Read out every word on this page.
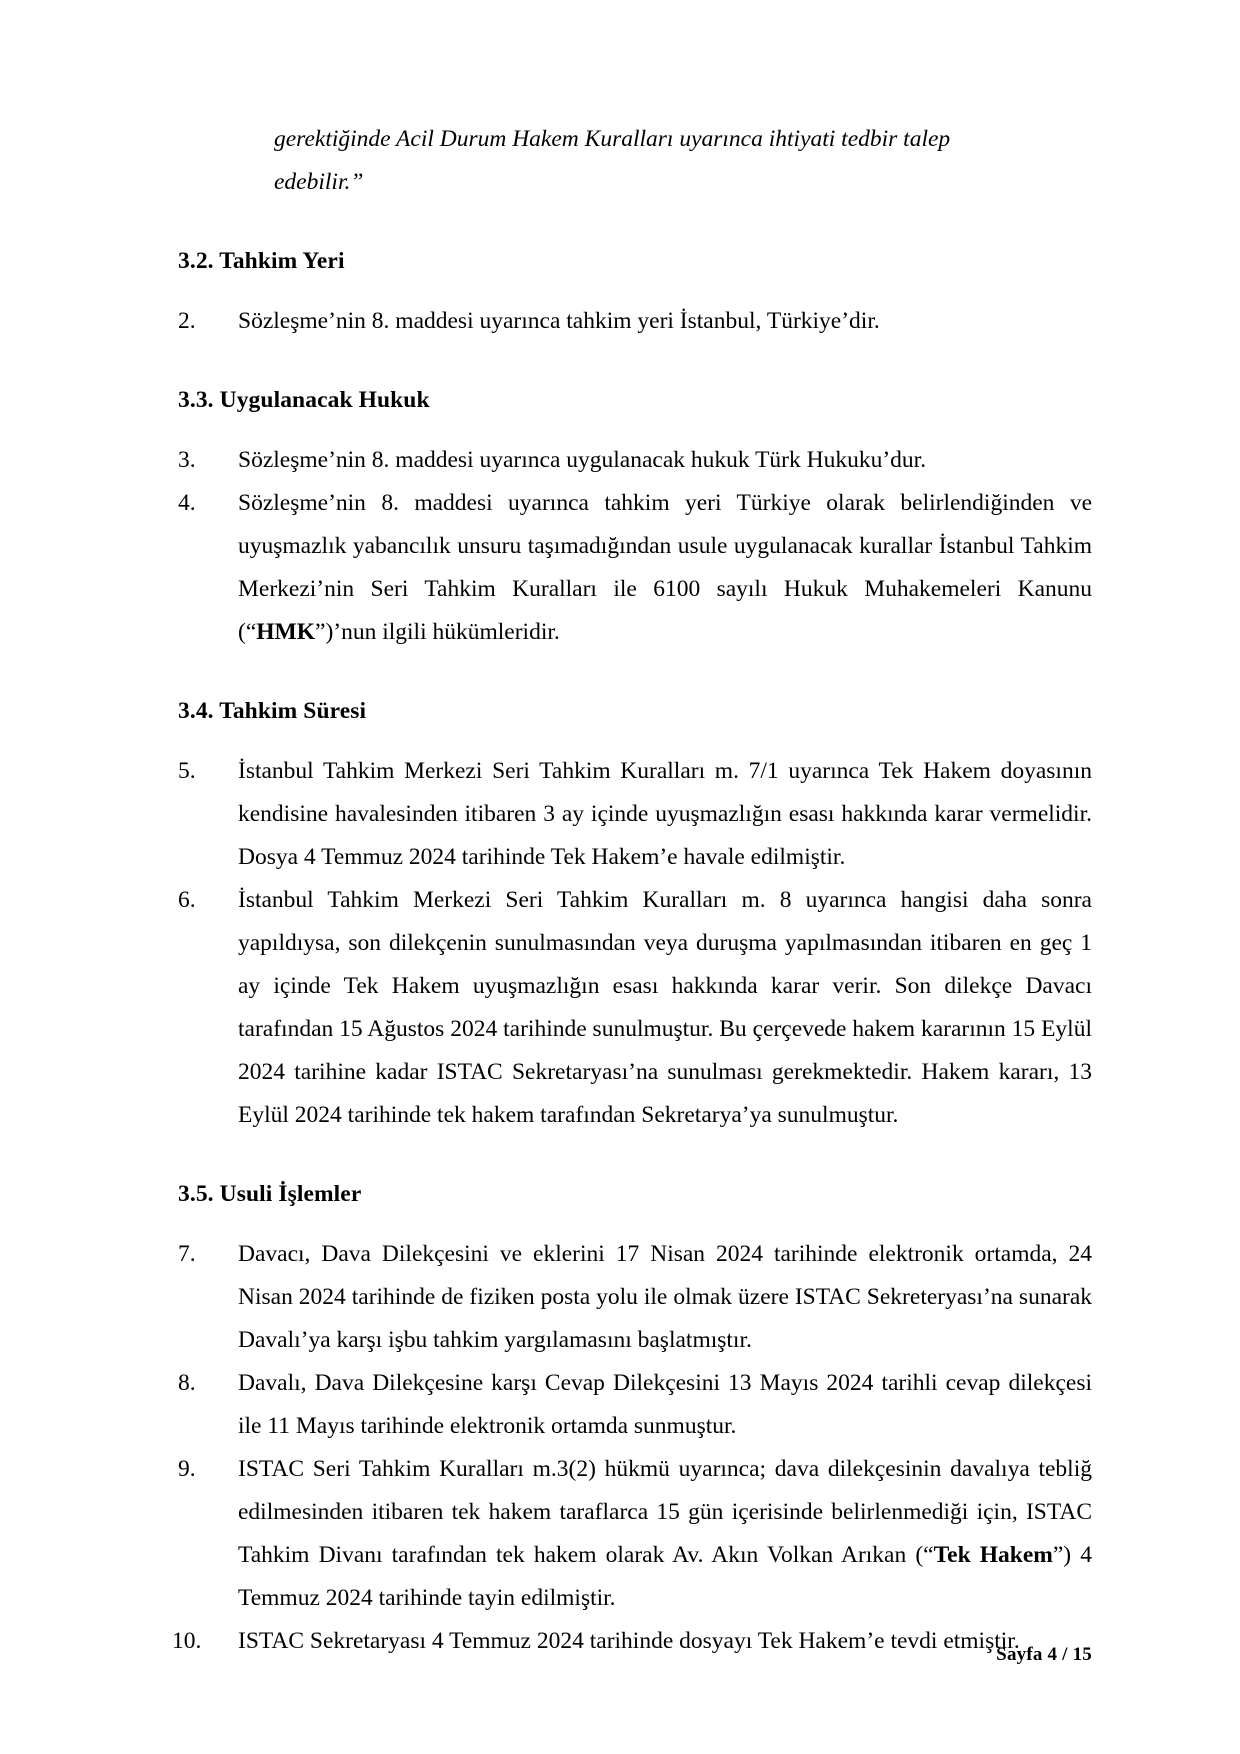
gerektiğinde Acil Durum Hakem Kuralları uyarınca ihtiyati tedbir talep
edebilir.”

3.2. Tahkim Yeri
2.	Sözleşme’nin 8. maddesi uyarınca tahkim yeri İstanbul, Türkiye’dir.
3.3. Uygulanacak Hukuk
3.	Sözleşme’nin 8. maddesi uyarınca uygulanacak hukuk Türk Hukuku’dur.
4.	Sözleşme’nin 8. maddesi uyarınca tahkim yeri Türkiye olarak belirlendiğinden ve uyuşmazlık yabancılık unsuru taşımadığından usule uygulanacak kurallar İstanbul Tahkim Merkezi’nin Seri Tahkim Kuralları ile 6100 sayılı Hukuk Muhakemeleri Kanunu (“HMK”)’nun ilgili hükümleridir.
3.4. Tahkim Süresi
5.	İstanbul Tahkim Merkezi Seri Tahkim Kuralları m. 7/1 uyarınca Tek Hakem doyasının kendisine havalesinden itibaren 3 ay içinde uyuşmazlığın esası hakkında karar vermelidir. Dosya 4 Temmuz 2024 tarihinde Tek Hakem’e havale edilmiştir.
6.	İstanbul Tahkim Merkezi Seri Tahkim Kuralları m. 8 uyarınca hangisi daha sonra yapıldıysa, son dilekçenin sunulmasından veya duruşma yapılmasından itibaren en geç 1 ay içinde Tek Hakem uyuşmazlığın esası hakkında karar verir. Son dilekçe Davacı tarafından 15 Ağustos 2024 tarihinde sunulmuştur. Bu çerçevede hakem kararının 15 Eylül 2024 tarihine kadar ISTAC Sekretaryası’na sunulması gerekmektedir. Hakem kararı, 13 Eylül 2024 tarihinde tek hakem tarafından Sekretarya’ya sunulmuştur.
3.5. Usuli İşlemler
7.	Davacı, Dava Dilekçesini ve eklerini 17 Nisan 2024 tarihinde elektronik ortamda, 24 Nisan 2024 tarihinde de fiziken posta yolu ile olmak üzere ISTAC Sekreteryası’na sunarak Davalı’ya karşı işbu tahkim yargılamasını başlatmıştır.
8.	Davalı, Dava Dilekçesine karşı Cevap Dilekçesini 13 Mayıs 2024 tarihli cevap dilekçesi ile 11 Mayıs tarihinde elektronik ortamda sunmuştur.
9.	ISTAC Seri Tahkim Kuralları m.3(2) hükmü uyarınca; dava dilekçesinin davalıya tebliğ edilmesinden itibaren tek hakem taraflarca 15 gün içerisinde belirlenmediği için, ISTAC Tahkim Divanı tarafından tek hakem olarak Av. Akın Volkan Arıkan (“Tek Hakem”) 4 Temmuz 2024 tarihinde tayin edilmiştir.
10.	ISTAC Sekretaryası 4 Temmuz 2024 tarihinde dosyayı Tek Hakem’e tevdi etmiştir.
Sayfa 4 / 15
